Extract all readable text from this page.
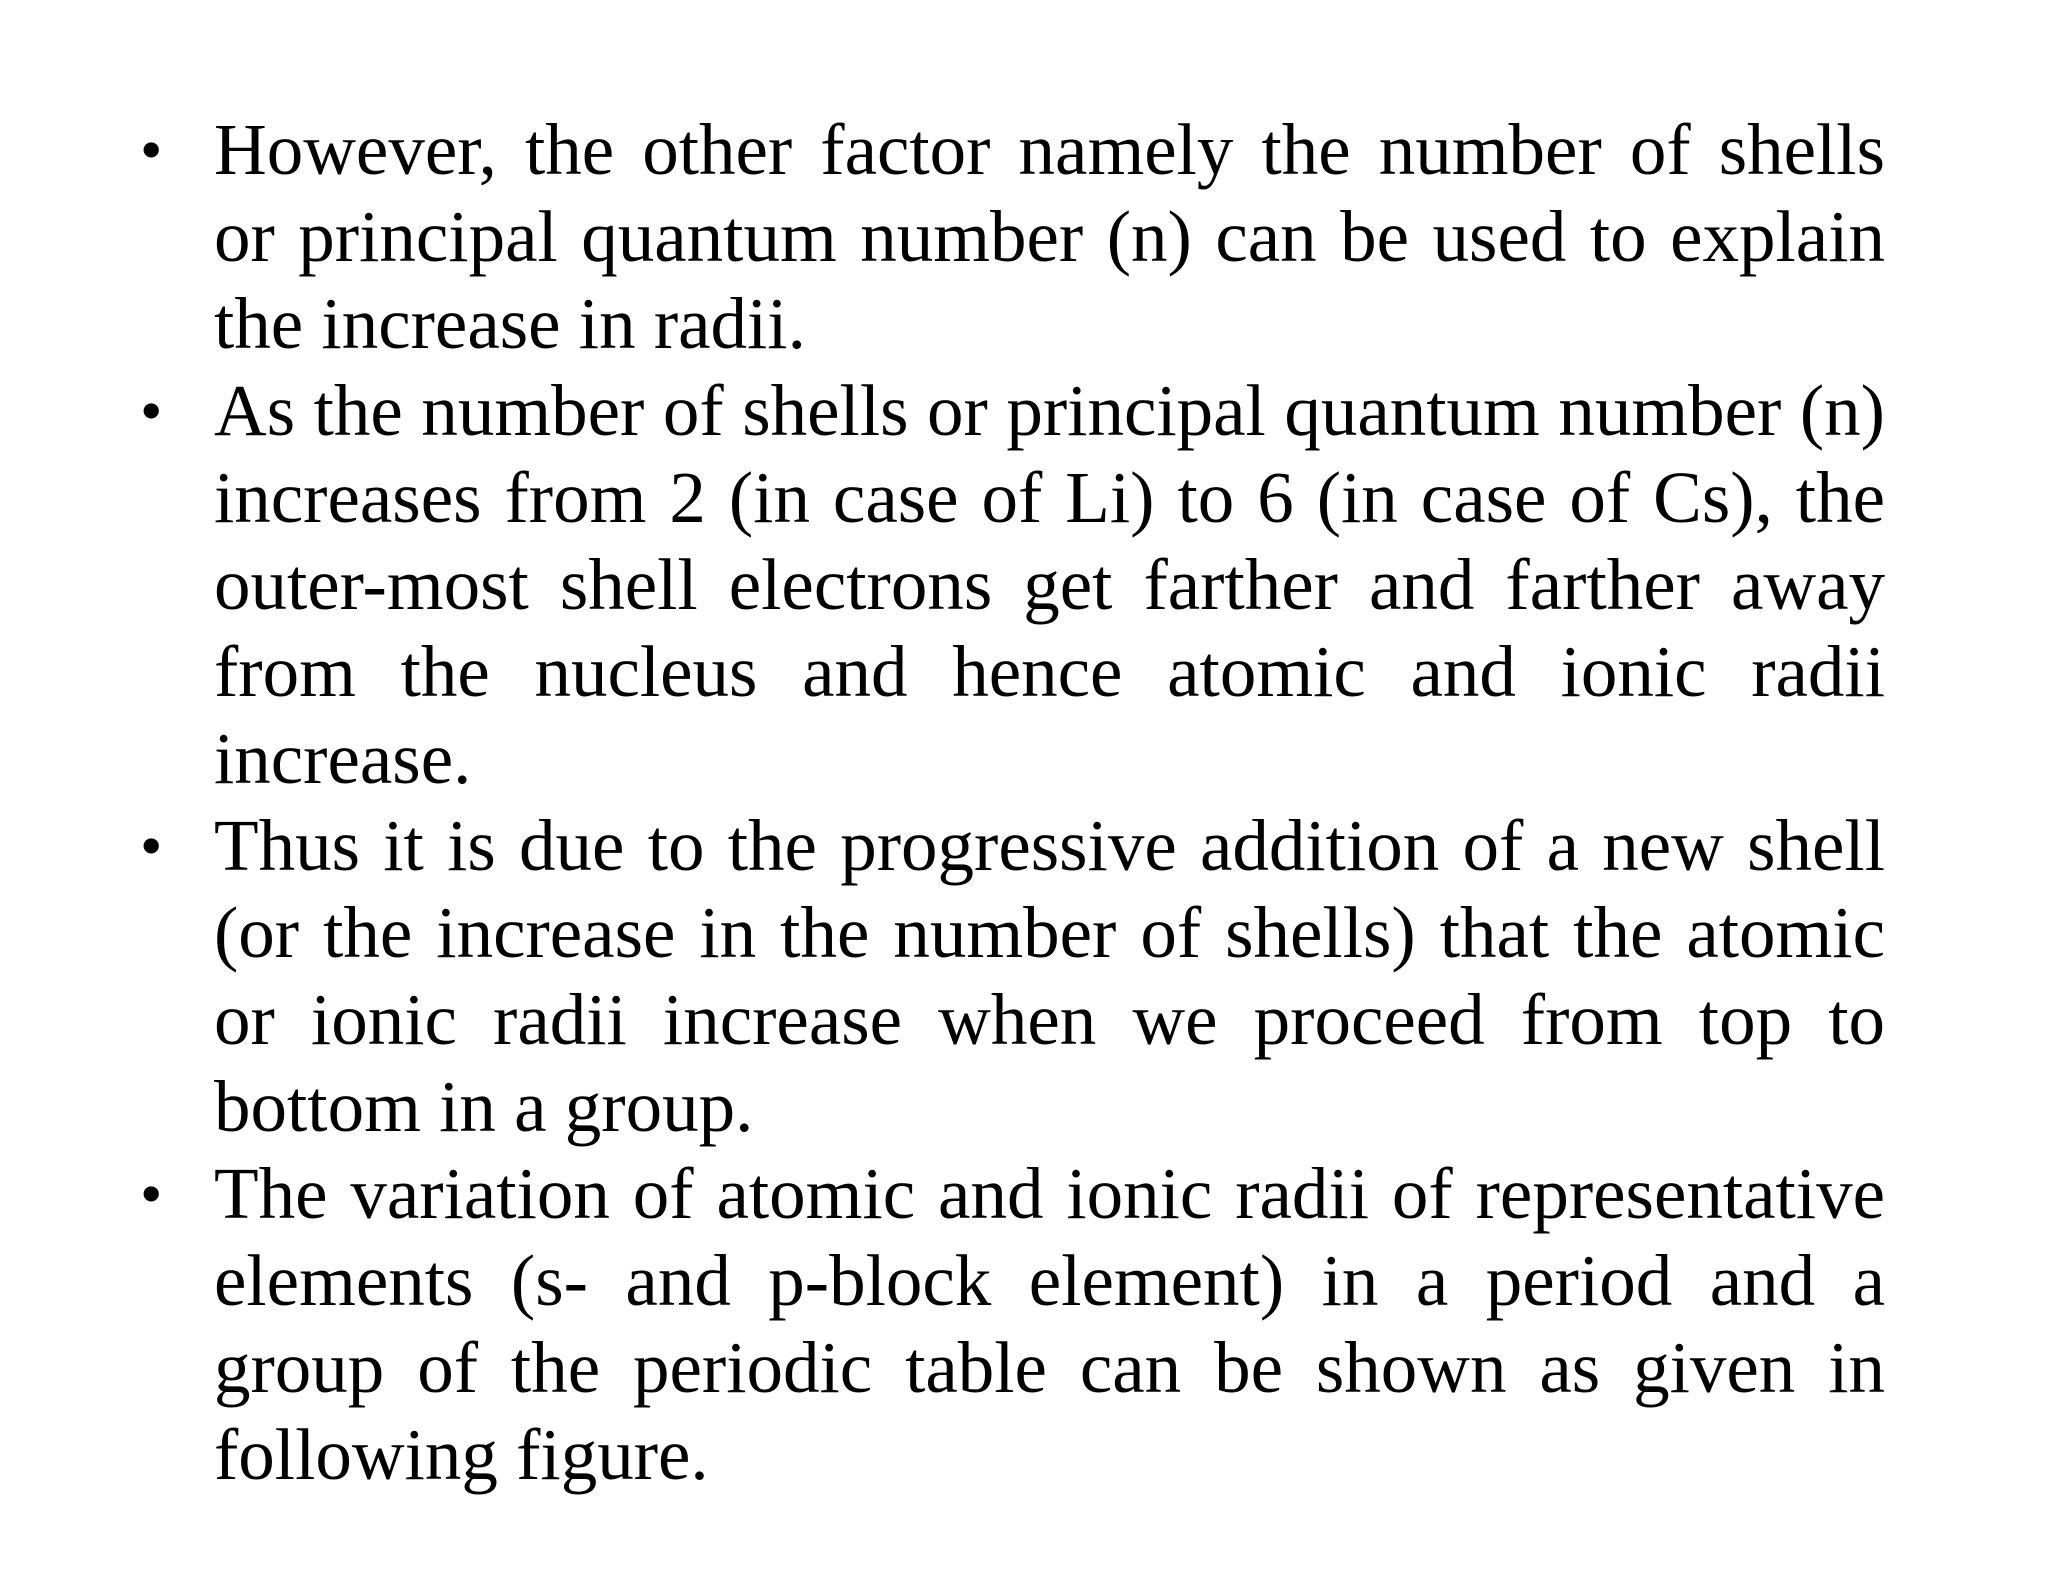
• However, the other factor namely the number of shells or principal quantum number (n) can be used to explain the increase in radii.
• As the number of shells or principal quantum number (n) increases from 2 (in case of Li) to 6 (in case of Cs), the outer-most shell electrons get farther and farther away from the nucleus and hence atomic and ionic radii increase.
• Thus it is due to the progressive addition of a new shell (or the increase in the number of shells) that the atomic or ionic radii increase when we proceed from top to bottom in a group.
• The variation of atomic and ionic radii of representative elements (s- and p-block element) in a period and a group of the periodic table can be shown as given in following figure.
